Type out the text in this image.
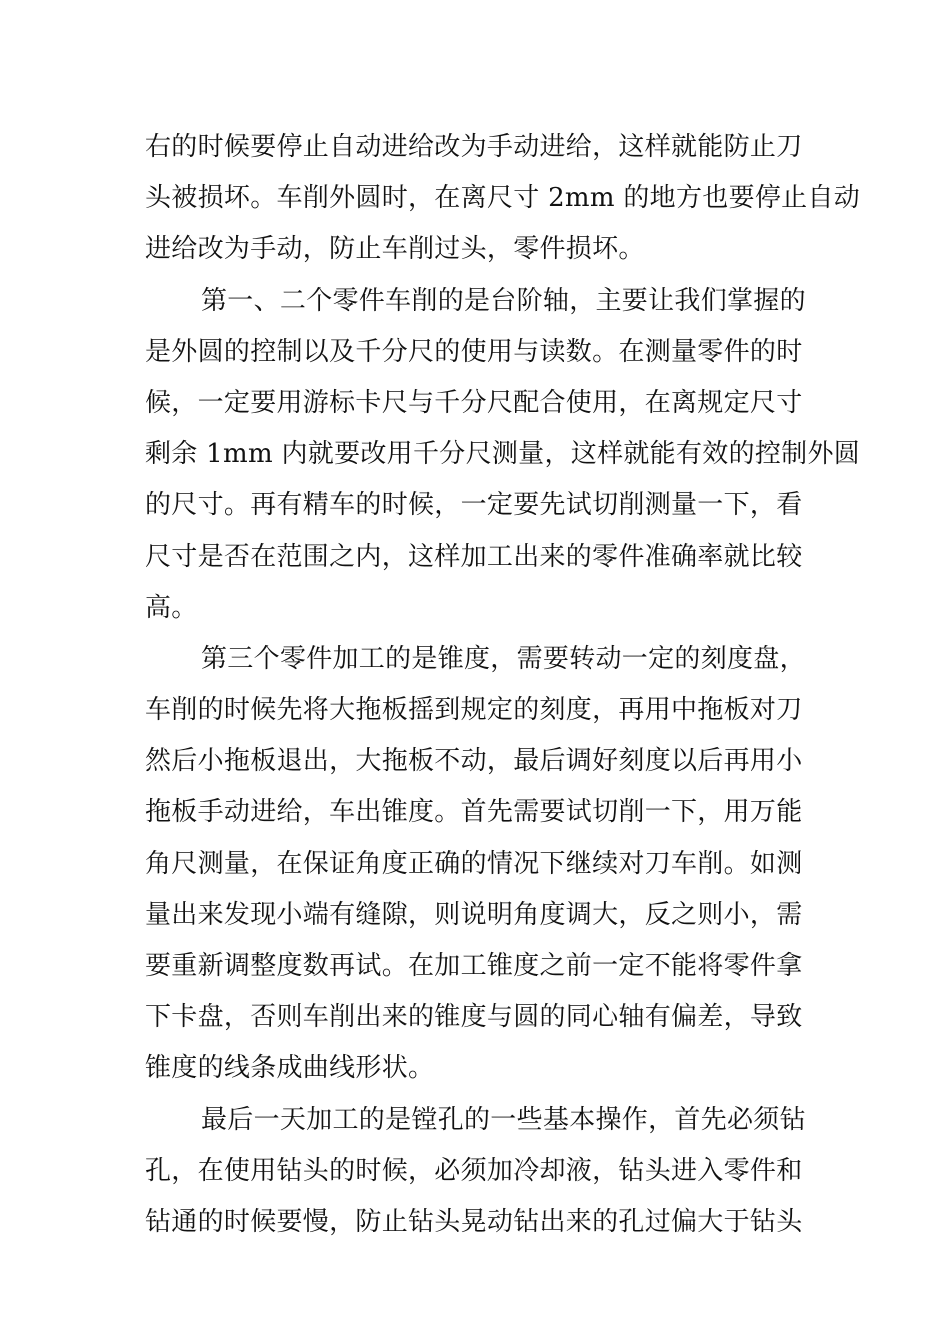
右的时候要停止自动进给改为手动进给，这样就能防止刀
头被损坏。车削外圆时，在离尺寸 2mm 的地方也要停止自动
进给改为手动，防止车削过头，零件损坏。
第一、二个零件车削的是台阶轴，主要让我们掌握的
是外圆的控制以及千分尺的使用与读数。在测量零件的时
候，一定要用游标卡尺与千分尺配合使用，在离规定尺寸
剩余 1mm 内就要改用千分尺测量，这样就能有效的控制外圆
的尺寸。再有精车的时候，一定要先试切削测量一下，看
尺寸是否在范围之内，这样加工出来的零件准确率就比较
高。
第三个零件加工的是锥度，需要转动一定的刻度盘，
车削的时候先将大拖板摇到规定的刻度，再用中拖板对刀
然后小拖板退出，大拖板不动，最后调好刻度以后再用小
拖板手动进给，车出锥度。首先需要试切削一下，用万能
角尺测量，在保证角度正确的情况下继续对刀车削。如测
量出来发现小端有缝隙，则说明角度调大，反之则小，需
要重新调整度数再试。在加工锥度之前一定不能将零件拿
下卡盘，否则车削出来的锥度与圆的同心轴有偏差，导致
锥度的线条成曲线形状。
最后一天加工的是镗孔的一些基本操作，首先必须钻
孔，在使用钻头的时候，必须加冷却液，钻头进入零件和
钻通的时候要慢，防止钻头晃动钻出来的孔过偏大于钻头
